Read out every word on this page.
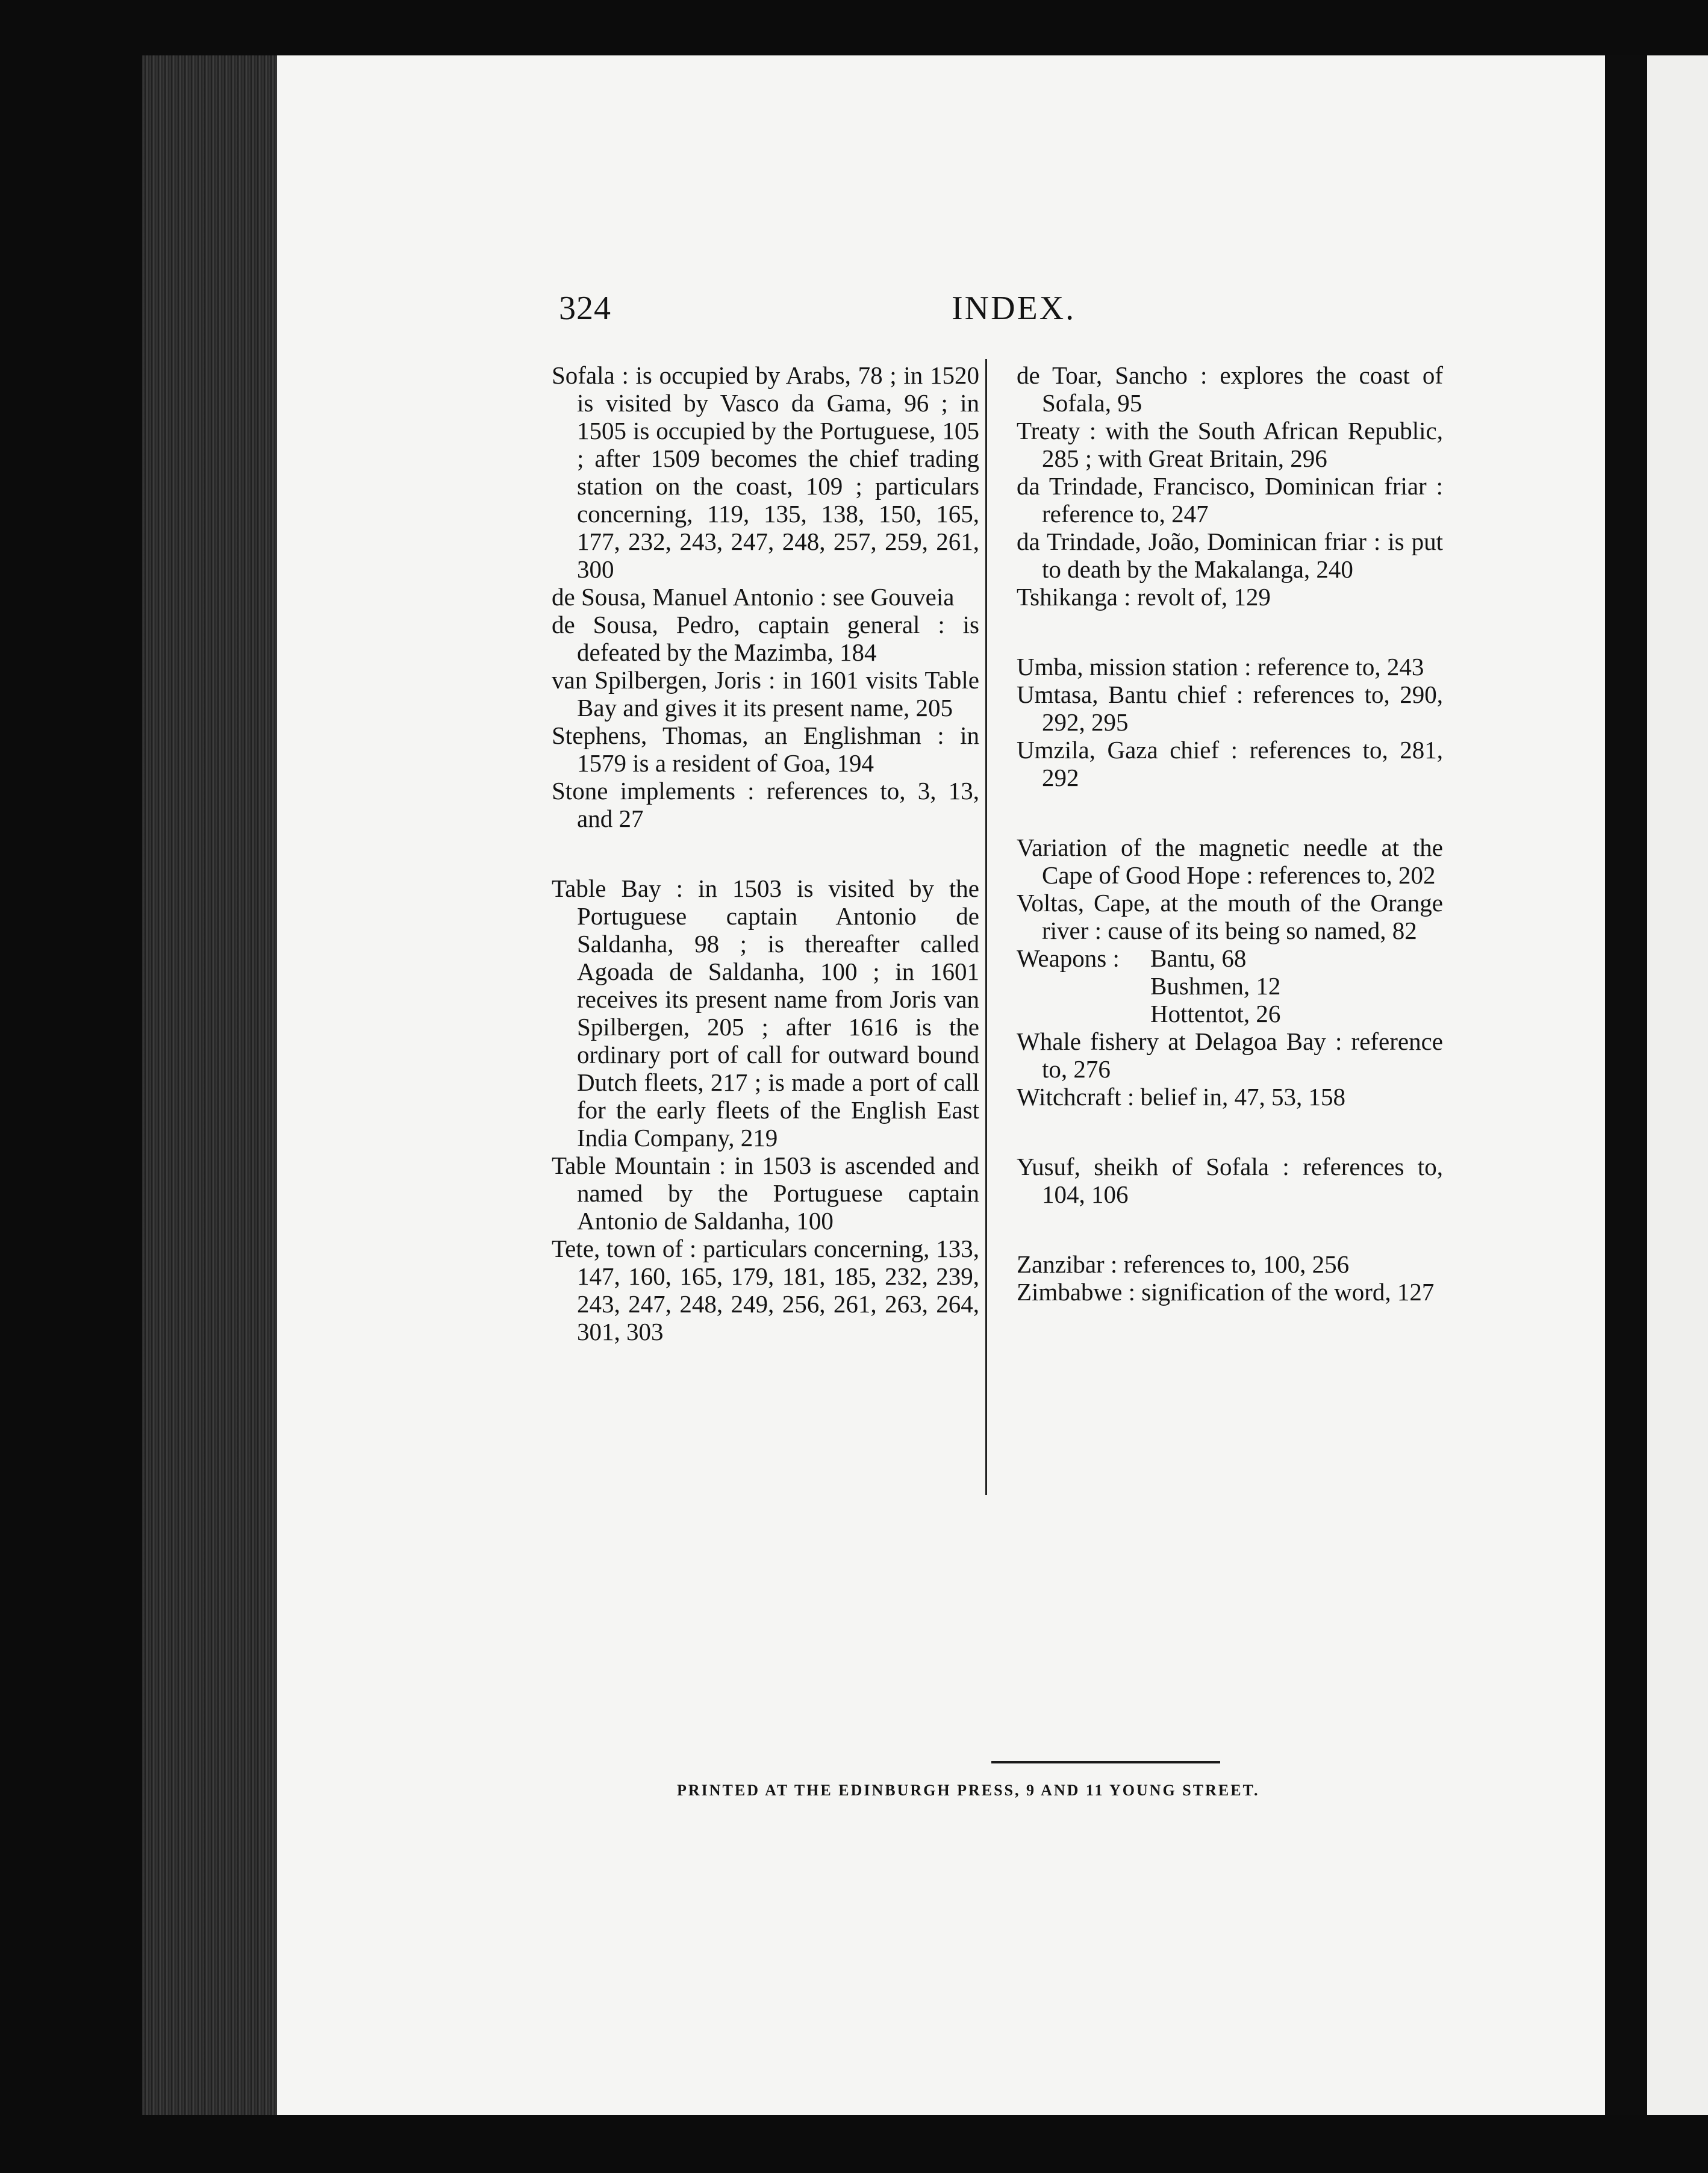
324	INDEX.
Sofala : is occupied by Arabs, 78 ; in 1520 is visited by Vasco da Gama, 96 ; in 1505 is occupied by the Portuguese, 105 ; after 1509 becomes the chief trading station on the coast, 109 ; particulars concerning, 119, 135, 138, 150, 165, 177, 232, 243, 247, 248, 257, 259, 261, 300
de Sousa, Manuel Antonio : see Gouveia
de Sousa, Pedro, captain general : is defeated by the Mazimba, 184
van Spilbergen, Joris : in 1601 visits Table Bay and gives it its present name, 205
Stephens, Thomas, an Englishman : in 1579 is a resident of Goa, 194
Stone implements : references to, 3, 13, and 27
Table Bay : in 1503 is visited by the Portuguese captain Antonio de Saldanha, 98 ; is thereafter called Agoada de Saldanha, 100 ; in 1601 receives its present name from Joris van Spilbergen, 205 ; after 1616 is the ordinary port of call for outward bound Dutch fleets, 217 ; is made a port of call for the early fleets of the English East India Company, 219
Table Mountain : in 1503 is ascended and named by the Portuguese captain Antonio de Saldanha, 100
Tete, town of : particulars concerning, 133, 147, 160, 165, 179, 181, 185, 232, 239, 243, 247, 248, 249, 256, 261, 263, 264, 301, 303
de Toar, Sancho : explores the coast of Sofala, 95
Treaty : with the South African Republic, 285 ; with Great Britain, 296
da Trindade, Francisco, Dominican friar : reference to, 247
da Trindade, João, Dominican friar : is put to death by the Makalanga, 240
Tshikanga : revolt of, 129
Umba, mission station : reference to, 243
Umtasa, Bantu chief : references to, 290, 292, 295
Umzila, Gaza chief : references to, 281, 292
Variation of the magnetic needle at the Cape of Good Hope : references to, 202
Voltas, Cape, at the mouth of the Orange river : cause of its being so named, 82
Weapons :	Bantu, 68
Bushmen, 12
Hottentot, 26
Whale fishery at Delagoa Bay : reference to, 276
Witchcraft : belief in, 47, 53, 158
Yusuf, sheikh of Sofala : references to, 104, 106
Zanzibar : references to, 100, 256
Zimbabwe : signification of the word, 127
PRINTED AT THE EDINBURGH PRESS, 9 AND 11 YOUNG STREET.
